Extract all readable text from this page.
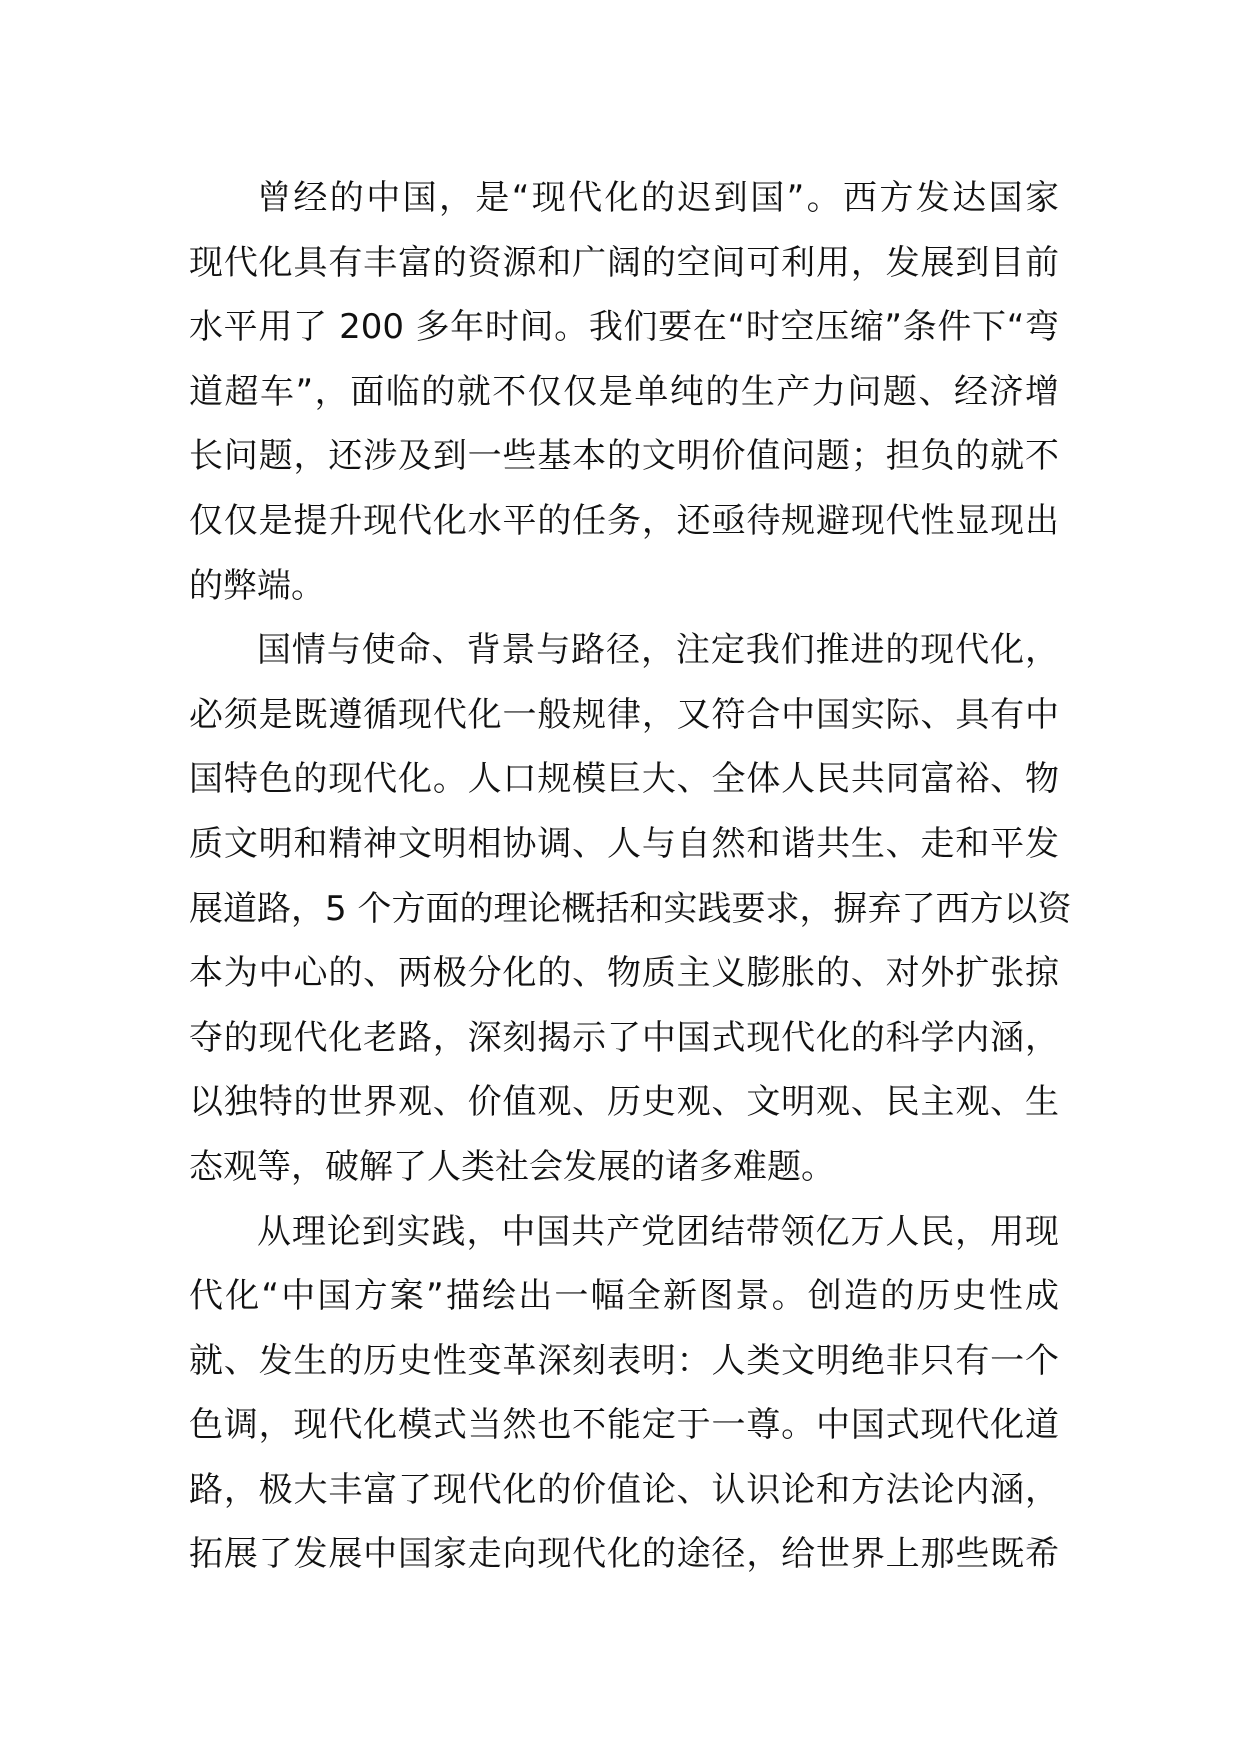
曾经的中国，是“现代化的迟到国”。西方发达国家
现代化具有丰富的资源和广阔的空间可利用，发展到目前
水平用了 200 多年时间。我们要在“时空压缩”条件下“弯
道超车”，面临的就不仅仅是单纯的生产力问题、经济增
长问题，还涉及到一些基本的文明价值问题；担负的就不
仅仅是提升现代化水平的任务，还亟待规避现代性显现出
的弊端。
国情与使命、背景与路径，注定我们推进的现代化，
必须是既遵循现代化一般规律，又符合中国实际、具有中
国特色的现代化。人口规模巨大、全体人民共同富裕、物
质文明和精神文明相协调、人与自然和谐共生、走和平发
展道路，5 个方面的理论概括和实践要求，摒弃了西方以资
本为中心的、两极分化的、物质主义膨胀的、对外扩张掠
夺的现代化老路，深刻揭示了中国式现代化的科学内涵，
以独特的世界观、价值观、历史观、文明观、民主观、生
态观等，破解了人类社会发展的诸多难题。
从理论到实践，中国共产党团结带领亿万人民，用现
代化“中国方案”描绘出一幅全新图景。创造的历史性成
就、发生的历史性变革深刻表明：人类文明绝非只有一个
色调，现代化模式当然也不能定于一尊。中国式现代化道
路，极大丰富了现代化的价值论、认识论和方法论内涵，
拓展了发展中国家走向现代化的途径，给世界上那些既希
